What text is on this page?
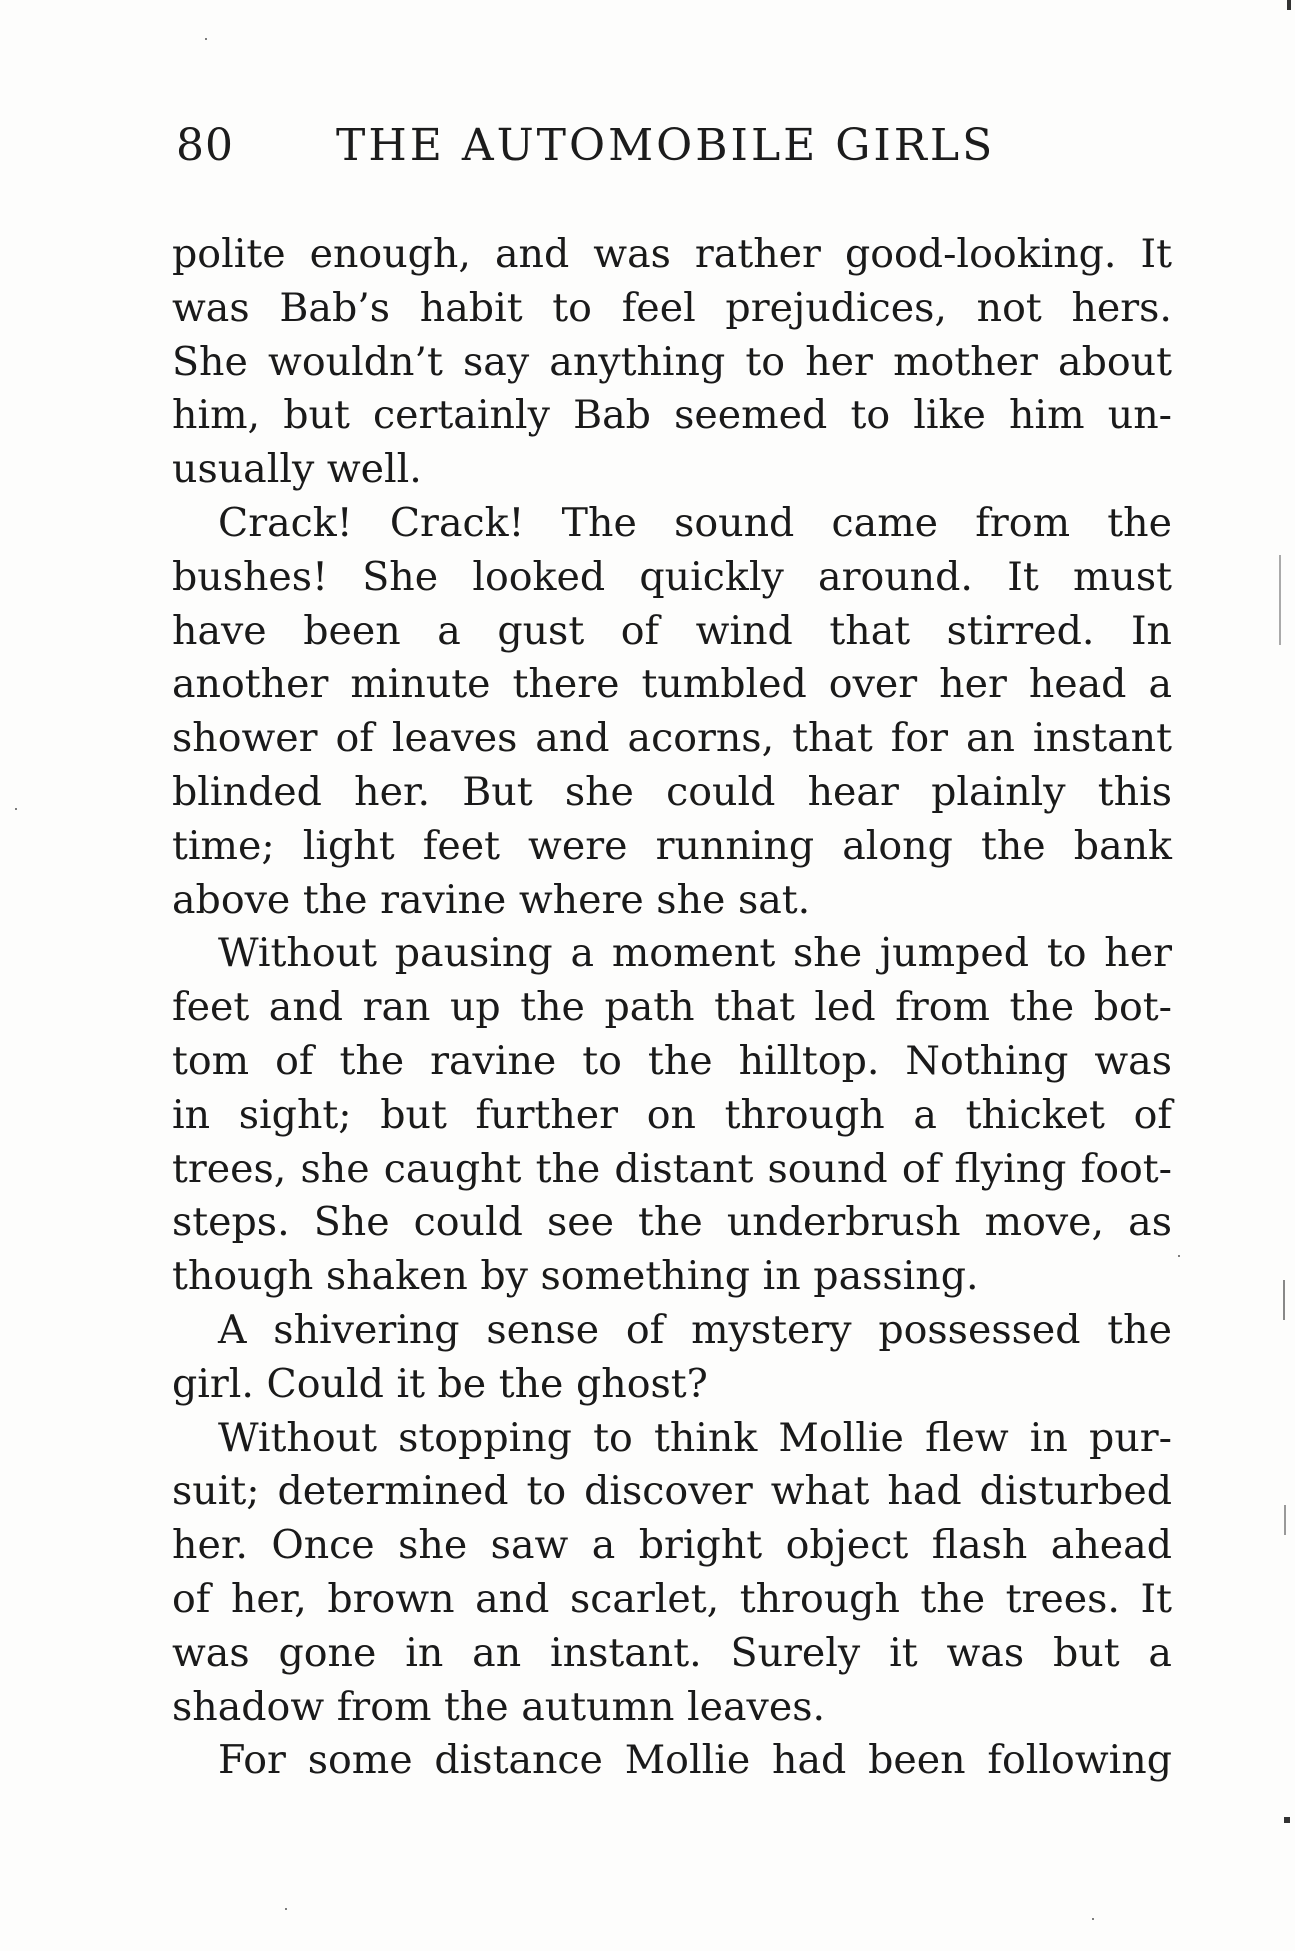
80 THE AUTOMOBILE GIRLS
polite enough, and was rather good-looking. It
was Bab’s habit to feel prejudices, not hers.
She wouldn’t say anything to her mother about
him, but certainly Bab seemed to like him un-
usually well.
Crack! Crack! The sound came from the
bushes! She looked quickly around. It must
have been a gust of wind that stirred. In
another minute there tumbled over her head a
shower of leaves and acorns, that for an instant
blinded her. But she could hear plainly this
time; light feet were running along the bank
above the ravine where she sat.
Without pausing a moment she jumped to her
feet and ran up the path that led from the bot-
tom of the ravine to the hilltop. Nothing was
in sight; but further on through a thicket of
trees, she caught the distant sound of flying foot-
steps. She could see the underbrush move, as
though shaken by something in passing.
A shivering sense of mystery possessed the
girl. Could it be the ghost?
Without stopping to think Mollie flew in pur-
suit; determined to discover what had disturbed
her. Once she saw a bright object flash ahead
of her, brown and scarlet, through the trees. It
was gone in an instant. Surely it was but a
shadow from the autumn leaves.
For some distance Mollie had been following
